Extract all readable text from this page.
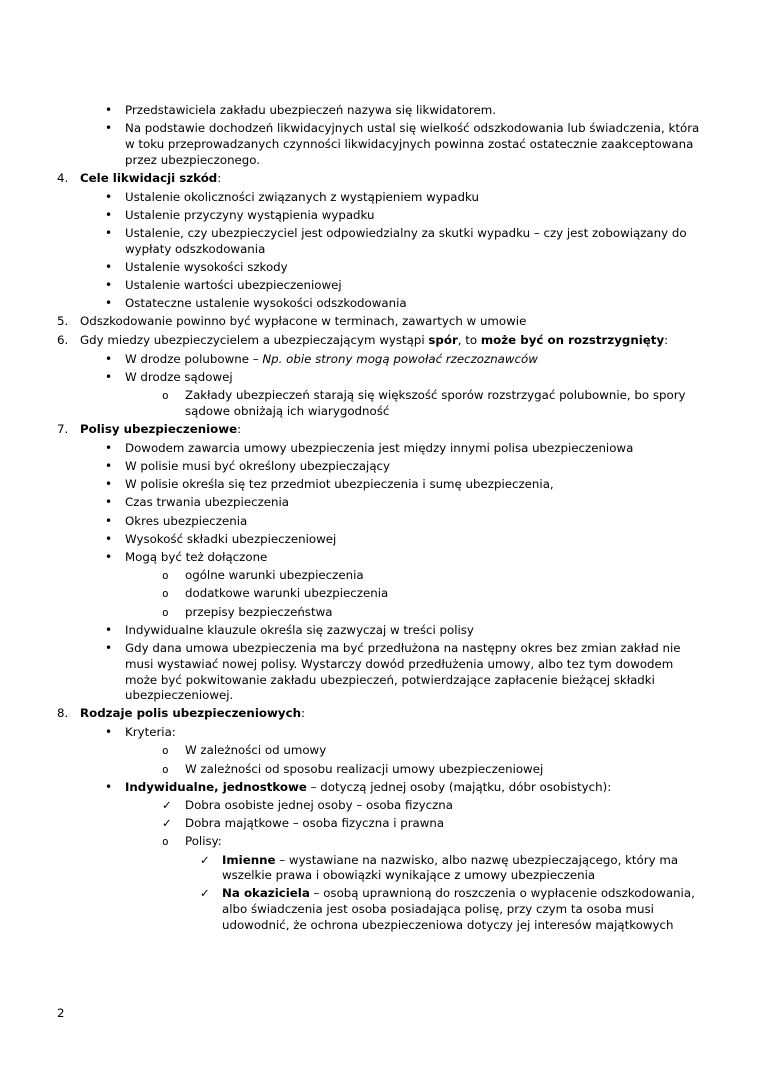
•	Przedstawiciela zakładu ubezpieczeń nazywa się likwidatorem.
•	Na podstawie dochodzeń likwidacyjnych ustal się wielkość odszkodowania lub świadczenia, która w toku przeprowadzanych czynności likwidacyjnych powinna zostać ostatecznie zaakceptowana przez ubezpieczonego.
4. Cele likwidacji szkód:
•	Ustalenie okoliczności związanych z wystąpieniem wypadku
•	Ustalenie przyczyny wystąpienia wypadku
•	Ustalenie, czy ubezpieczyciel jest odpowiedzialny za skutki wypadku – czy jest zobowiązany do wypłaty odszkodowania
•	Ustalenie wysokości szkody
•	Ustalenie wartości ubezpieczeniowej
•	Ostateczne ustalenie wysokości odszkodowania
5. Odszkodowanie powinno być wypłacone w terminach, zawartych w umowie
6. Gdy miedzy ubezpieczycielem a ubezpieczającym wystąpi spór, to może być on rozstrzygnięty:
•	W drodze polubowne – Np. obie strony mogą powołać rzeczoznawców
•	W drodze sądowej
o	Zakłady ubezpieczeń starają się większość sporów rozstrzygać polubownie, bo spory sądowe obniżają ich wiarygodność
7. Polisy ubezpieczeniowe:
•	Dowodem zawarcia umowy ubezpieczenia jest między innymi polisa ubezpieczeniowa
•	W polisie musi być określony ubezpieczający
•	W polisie określa się tez przedmiot ubezpieczenia i sumę ubezpieczenia,
•	Czas trwania ubezpieczenia
•	Okres ubezpieczenia
•	Wysokość składki ubezpieczeniowej
•	Mogą być też dołączone
o	ogólne warunki ubezpieczenia
o	dodatkowe warunki ubezpieczenia
o	przepisy bezpieczeństwa
•	Indywidualne klauzule określa się zazwyczaj w treści polisy
•	Gdy dana umowa ubezpieczenia ma być przedłużona na następny okres bez zmian zakład nie musi wystawiać nowej polisy. Wystarczy dowód przedłużenia umowy, albo tez tym dowodem może być pokwitowanie zakładu ubezpieczeń, potwierdzające zapłacenie bieżącej składki ubezpieczeniowej.
8. Rodzaje polis ubezpieczeniowych:
•	Kryteria:
o	W zależności od umowy
o	W zależności od sposobu realizacji umowy ubezpieczeniowej
•	Indywidualne, jednostkowe – dotyczą jednej osoby (majątku, dóbr osobistych):
✓	Dobra osobiste jednej osoby – osoba fizyczna
✓	Dobra majątkowe – osoba fizyczna i prawna
o	Polisy:
✓	Imienne – wystawiane na nazwisko, albo nazwę ubezpieczającego, który ma wszelkie prawa i obowiązki wynikające z umowy ubezpieczenia
✓	Na okaziciela – osobą uprawnioną do roszczenia o wypłacenie odszkodowania, albo świadczenia jest osoba posiadająca polisę, przy czym ta osoba musi udowodnić, że ochrona ubezpieczeniowa dotyczy jej interesów majątkowych
2
